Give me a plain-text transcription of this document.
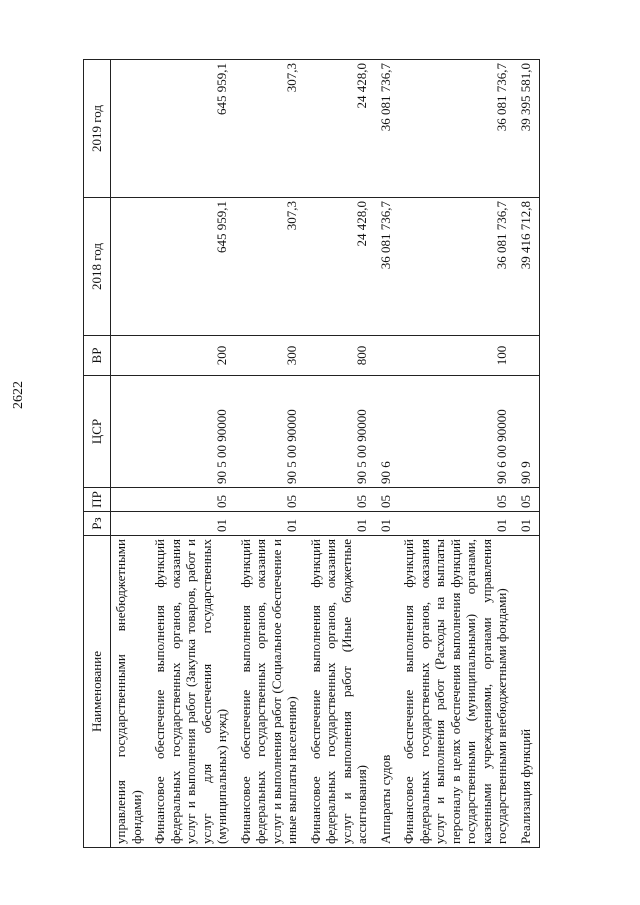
2622
Наименование	Рз	ПР	ЦСР	ВР	2018 год	2019 год
управления государственными внебюджетными фондами)						
Финансовое обеспечение выполнения функций федеральных государственных органов, оказания услуг и выполнения работ (Закупка товаров, работ и услуг для обеспечения государственных (муниципальных) нужд)	01	05	90 5 00 90000	200	645 959,1	645 959,1
Финансовое обеспечение выполнения функций федеральных государственных органов, оказания услуг и выполнения работ (Социальное обеспечение и иные выплаты населению)	01	05	90 5 00 90000	300	307,3	307,3
Финансовое обеспечение выполнения функций федеральных государственных органов, оказания услуг и выполнения работ (Иные бюджетные ассигнования)	01	05	90 5 00 90000	800	24 428,0	24 428,0
Аппараты судов	01	05	90 6		36 081 736,7	36 081 736,7
Финансовое обеспечение выполнения функций федеральных государственных органов, оказания услуг и выполнения работ (Расходы на выплаты персоналу в целях обеспечения выполнения функций государственными (муниципальными) органами, казенными учреждениями, органами управления государственными внебюджетными фондами)	01	05	90 6 00 90000	100	36 081 736,7	36 081 736,7
Реализация функций	01	05	90 9		39 416 712,8	39 395 581,0
